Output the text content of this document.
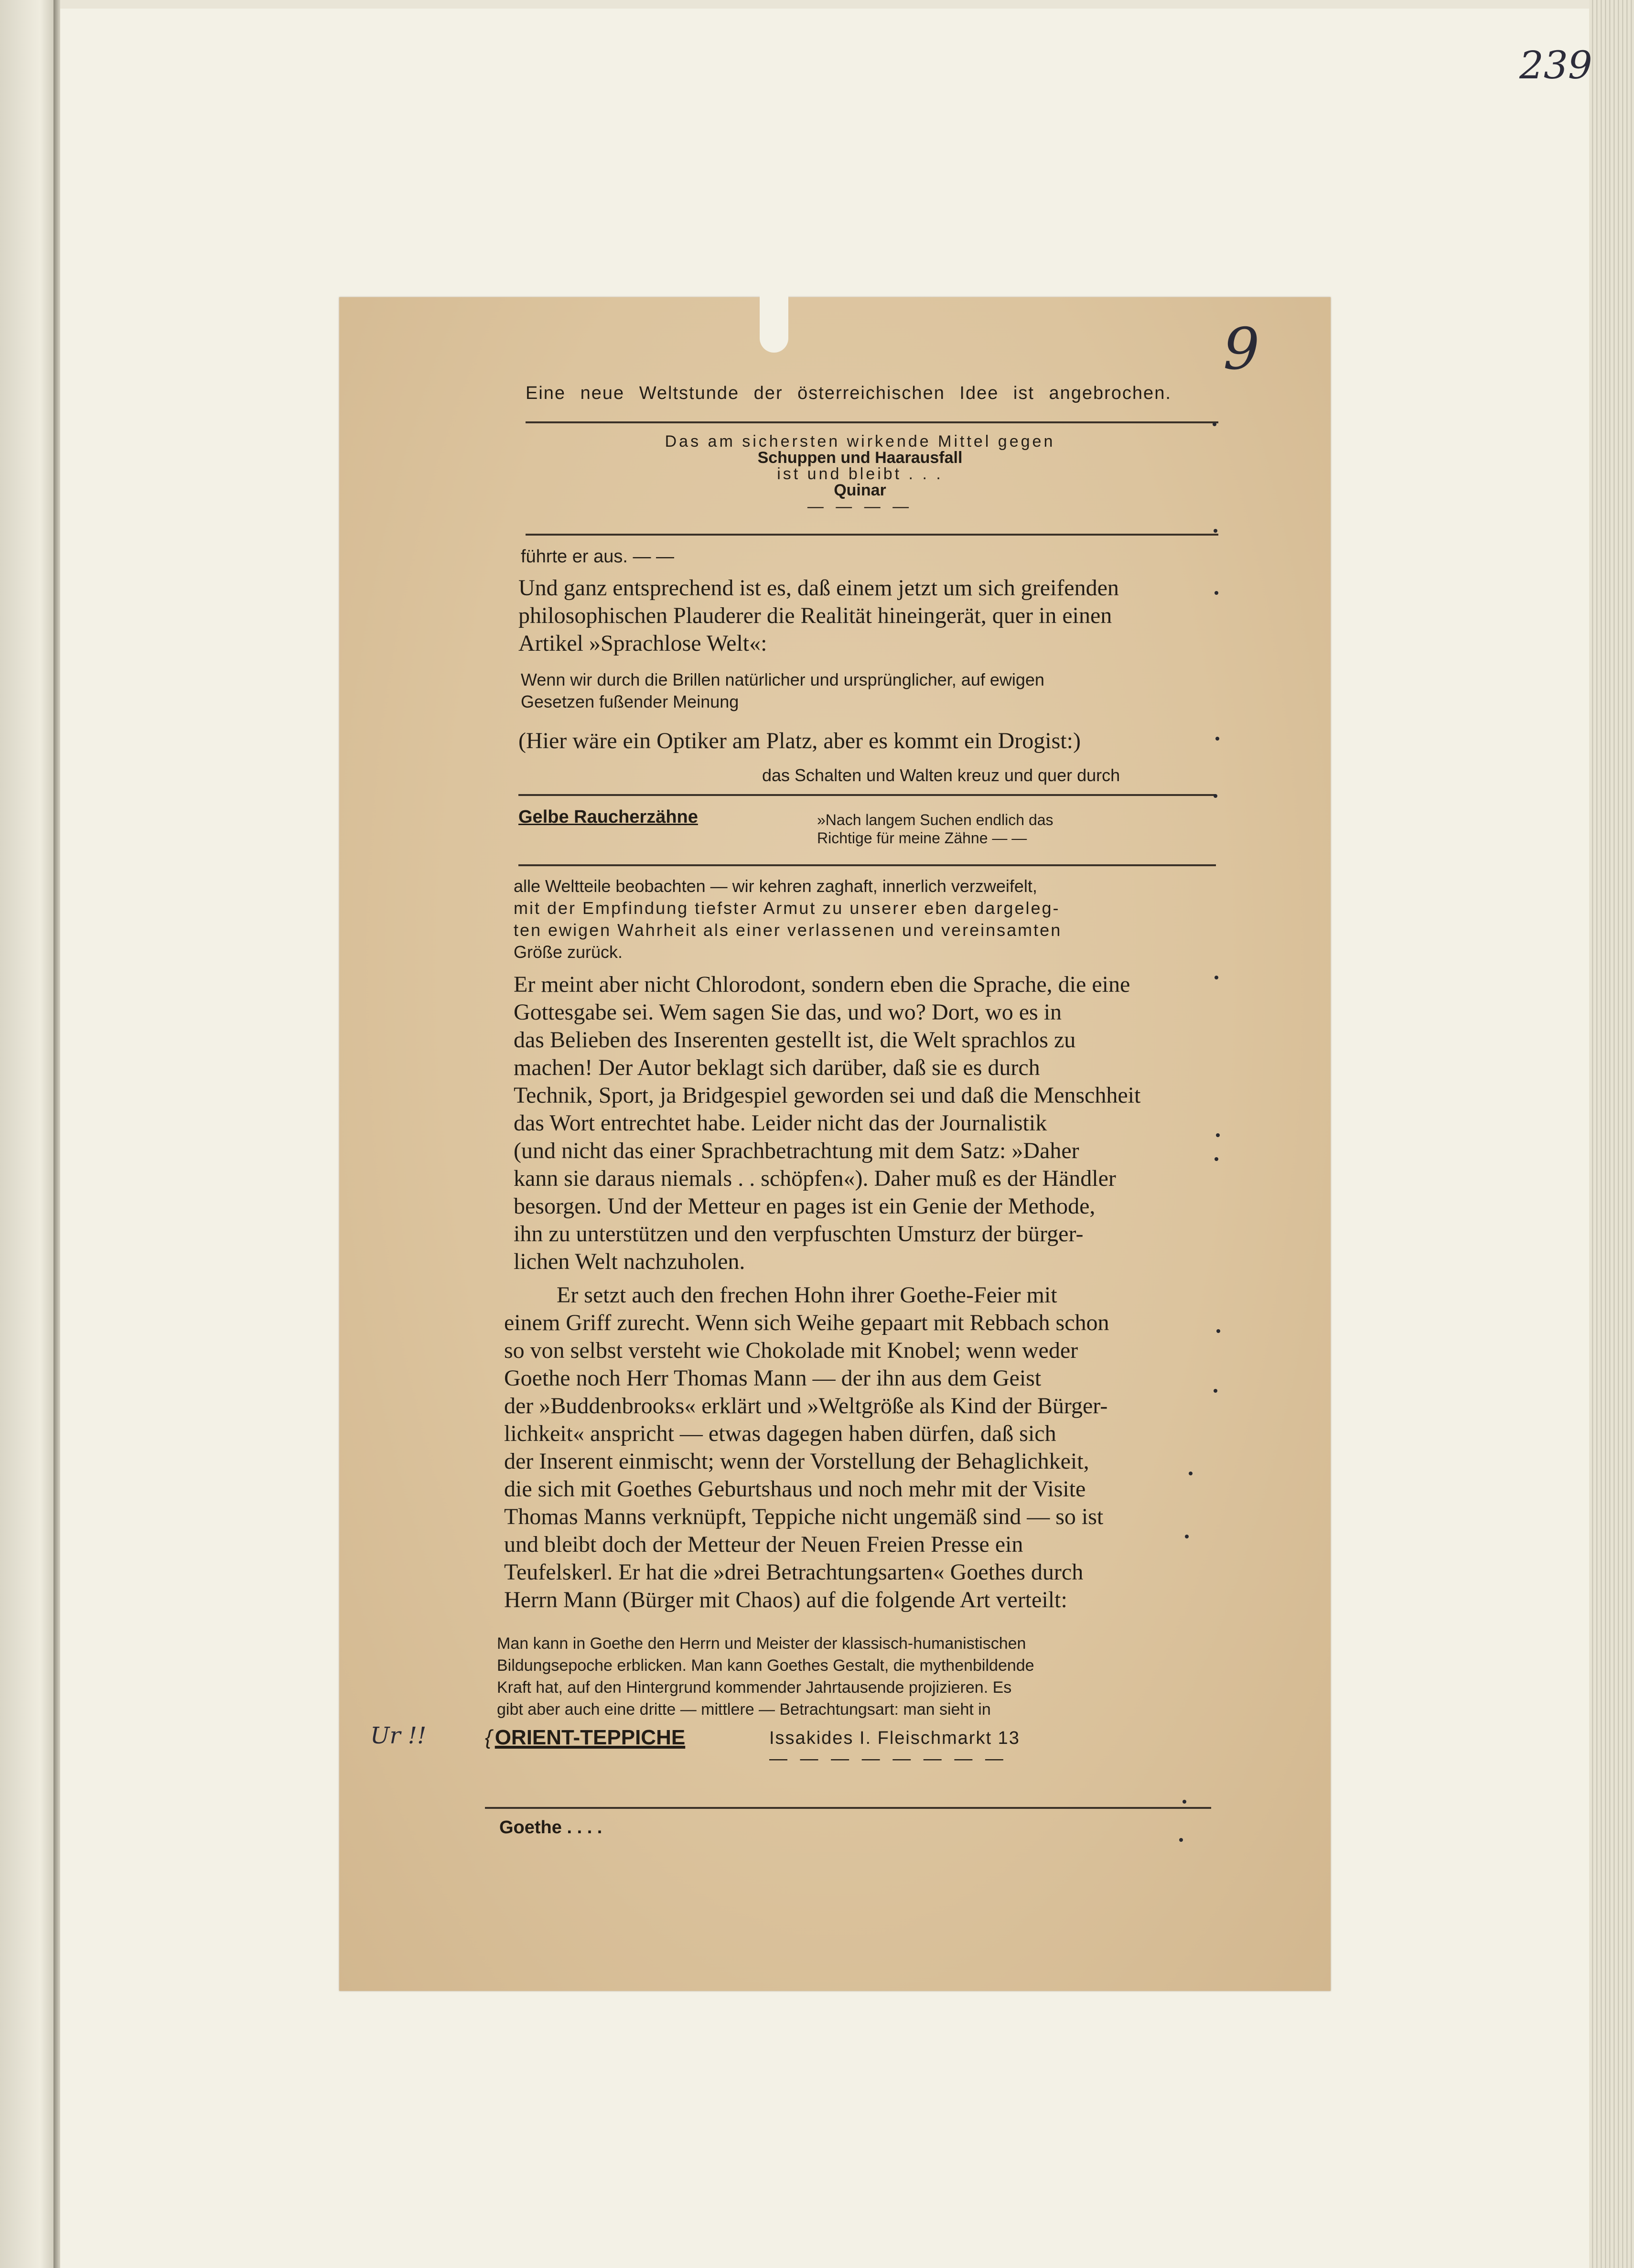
239
9
Eine neue Weltstunde der österreichischen Idee ist angebrochen.
Das am sichersten wirkende Mittel gegen
Schuppen und Haarausfall
ist und bleibt . . .
Quinar
— — — —
führte er aus. — —
Und ganz entsprechend ist es, daß einem jetzt um sich greifenden
philosophischen Plauderer die Realität hineingerät, quer in einen
Artikel »Sprachlose Welt«:
Wenn wir durch die Brillen natürlicher und ursprünglicher, auf ewigen
Gesetzen fußender Meinung
(Hier wäre ein Optiker am Platz, aber es kommt ein Drogist:)
das Schalten und Walten kreuz und quer durch
Gelbe Raucherzähne	»Nach langem Suchen endlich das
Richtige für meine Zähne — —
alle Weltteile beobachten — wir kehren zaghaft, innerlich verzweifelt,
mit der Empfindung tiefster Armut zu unserer eben dargeleg-
ten ewigen Wahrheit als einer verlassenen und vereinsamten
Größe zurück.
Er meint aber nicht Chlorodont, sondern eben die Sprache, die eine
Gottesgabe sei. Wem sagen Sie das, und wo? Dort, wo es in
das Belieben des Inserenten gestellt ist, die Welt sprachlos zu
machen! Der Autor beklagt sich darüber, daß sie es durch
Technik, Sport, ja Bridgespiel geworden sei und daß die Menschheit
das Wort entrechtet habe. Leider nicht das der Journalistik
(und nicht das einer Sprachbetrachtung mit dem Satz: »Daher
kann sie daraus niemals . . schöpfen«). Daher muß es der Händler
besorgen. Und der Metteur en pages ist ein Genie der Methode,
ihn zu unterstützen und den verpfuschten Umsturz der bürger-
lichen Welt nachzuholen.
Er setzt auch den frechen Hohn ihrer Goethe-Feier mit
einem Griff zurecht. Wenn sich Weihe gepaart mit Rebbach schon
so von selbst versteht wie Chokolade mit Knobel; wenn weder
Goethe noch Herr Thomas Mann — der ihn aus dem Geist
der »Buddenbrooks« erklärt und »Weltgröße als Kind der Bürger-
lichkeit« anspricht — etwas dagegen haben dürfen, daß sich
der Inserent einmischt; wenn der Vorstellung der Behaglichkeit,
die sich mit Goethes Geburtshaus und noch mehr mit der Visite
Thomas Manns verknüpft, Teppiche nicht ungemäß sind — so ist
und bleibt doch der Metteur der Neuen Freien Presse ein
Teufelskerl. Er hat die »drei Betrachtungsarten« Goethes durch
Herrn Mann (Bürger mit Chaos) auf die folgende Art verteilt:
Man kann in Goethe den Herrn und Meister der klassisch-humanistischen
Bildungsepoche erblicken. Man kann Goethes Gestalt, die mythenbildende
Kraft hat, auf den Hintergrund kommender Jahrtausende projizieren. Es
gibt aber auch eine dritte — mittlere — Betrachtungsart: man sieht in
{ ORIENT-TEPPICHE	Issakides I. Fleischmarkt 13
— — — — — — — —
Goethe . . . .
Ur !!
